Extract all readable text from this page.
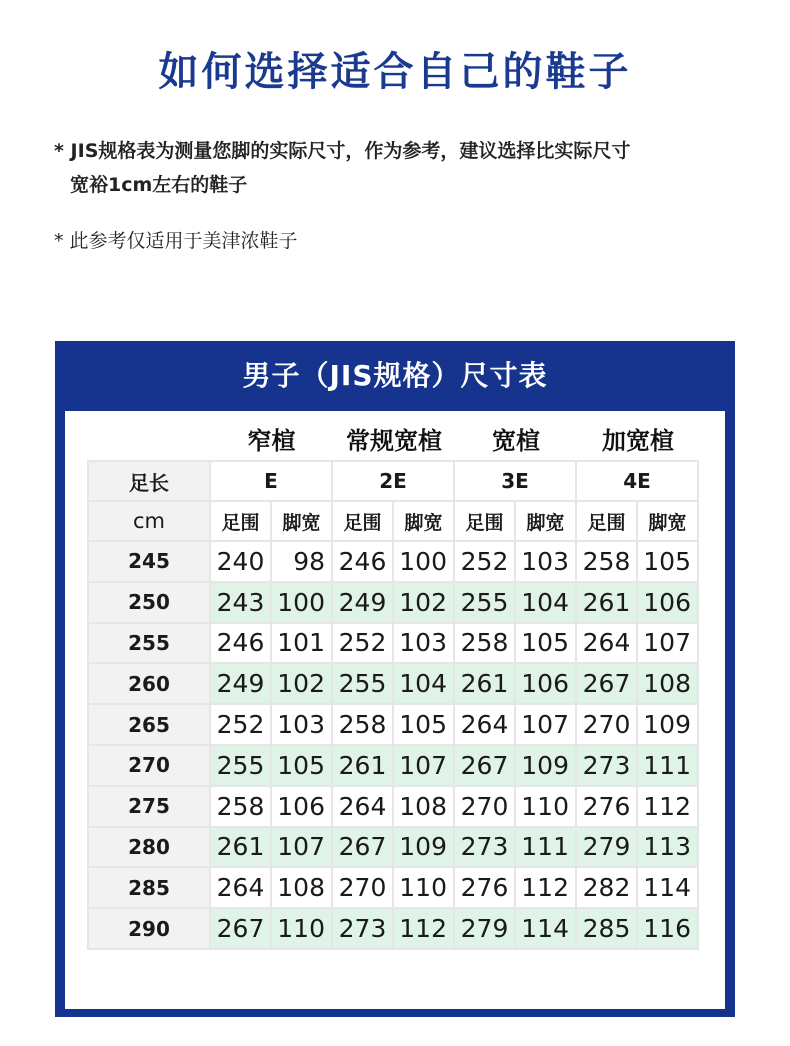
如何选择适合自己的鞋子
* JIS规格表为测量您脚的实际尺寸，作为参考，建议选择比实际尺寸
宽裕1cm左右的鞋子
* 此参考仅适用于美津浓鞋子
男子（JIS规格）尺寸表
窄楦	常规宽楦	宽楦	加宽楦
足长	E		2E		3E		4E	
cm	足围	脚宽	足围	脚宽	足围	脚宽	足围	脚宽
245	240	98	246	100	252	103	258	105
250	243	100	249	102	255	104	261	106
255	246	101	252	103	258	105	264	107
260	249	102	255	104	261	106	267	108
265	252	103	258	105	264	107	270	109
270	255	105	261	107	267	109	273	111
275	258	106	264	108	270	110	276	112
280	261	107	267	109	273	111	279	113
285	264	108	270	110	276	112	282	114
290	267	110	273	112	279	114	285	116
